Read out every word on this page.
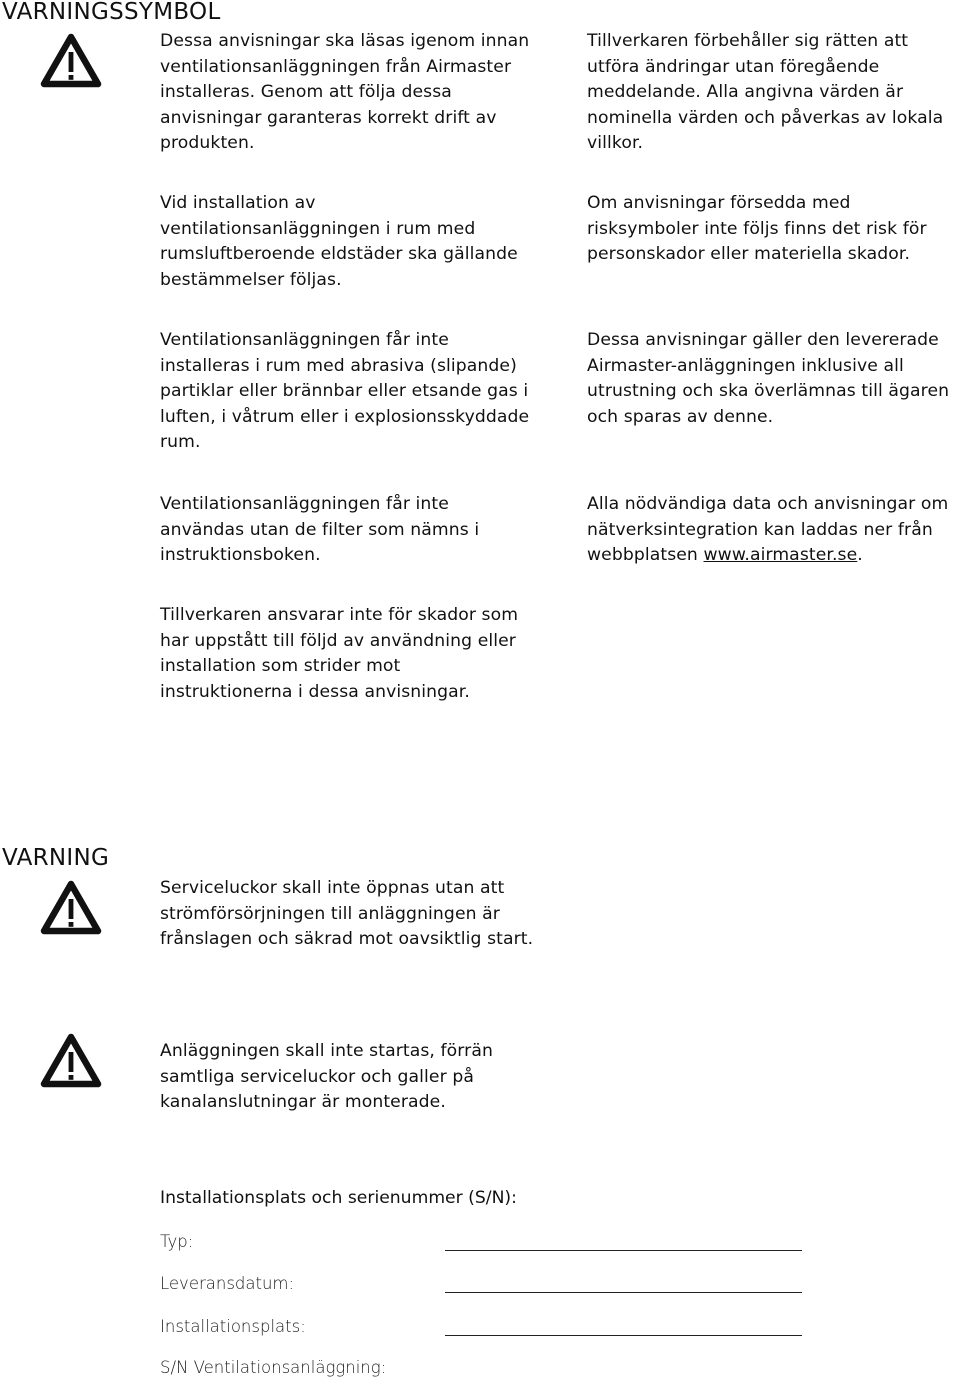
VARNINGSSYMBOL

Dessa anvisningar ska läsas igenom innan ventilationsanläggningen från Airmaster installeras. Genom att följa dessa anvisningar garanteras korrekt drift av produkten.

Tillverkaren förbehåller sig rätten att utföra ändringar utan föregående meddelande. Alla angivna värden är nominella värden och påverkas av lokala villkor.

Vid installation av ventilationsanläggningen i rum med rumsluftberoende eldstäder ska gällande bestämmelser följas.

Om anvisningar försedda med risksymboler inte följs finns det risk för personskador eller materiella skador.

Ventilationsanläggningen får inte installeras i rum med abrasiva (slipande) partiklar eller brännbar eller etsande gas i luften, i våtrum eller i explosionsskyddade rum.

Dessa anvisningar gäller den levererade Airmaster-anläggningen inklusive all utrustning och ska överlämnas till ägaren och sparas av denne.

Ventilationsanläggningen får inte användas utan de filter som nämns i instruktionsboken.

Alla nödvändiga data och anvisningar om nätverksintegration kan laddas ner från webbplatsen www.airmaster.se.

Tillverkaren ansvarar inte för skador som har uppstått till följd av användning eller installation som strider mot instruktionerna i dessa anvisningar.

VARNING

Serviceluckor skall inte öppnas utan att strömförsörjningen till anläggningen är frånslagen och säkrad mot oavsiktlig start.

Anläggningen skall inte startas, förrän samtliga serviceluckor och galler på kanalanslutningar är monterade.

Installationsplats och serienummer (S/N):

Typ:
Leveransdatum:
Installationsplats:
S/N Ventilationsanläggning:
